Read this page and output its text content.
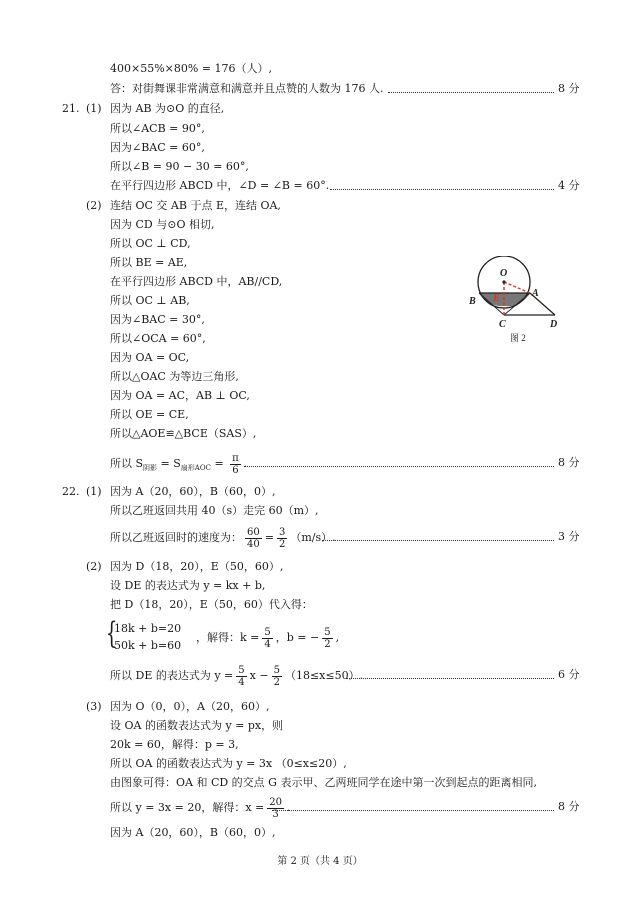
400×55%×80% = 176（人）,
答：对街舞课非常满意和满意并且点赞的人数为 176 人.	8 分
21. (1) 因为 AB 为⊙O 的直径,
所以∠ACB = 90°,
因为∠BAC = 60°,
所以∠B = 90 − 30 = 60°,
在平行四边形 ABCD 中，∠D = ∠B = 60°.	4 分
(2) 连结 OC 交 AB 于点 E，连结 OA,
因为 CD 与⊙O 相切,
所以 OC ⊥ CD,
所以 BE = AE,
在平行四边形 ABCD 中，AB//CD,
所以 OC ⊥ AB,
因为∠BAC = 30°,
所以∠OCA = 60°,
因为 OA = OC,
所以△OAC 为等边三角形,
因为 OA = AC，AB ⊥ OC,
所以 OE = CE,
所以△AOE≌△BCE（SAS）,
所以 $S_{阴影} = S_{扇形AOC} = \frac{\pi}{6}$ .	8 分
O
E	A
B
C	D
图 2
22. (1) 因为 A（20，60），B（60，0）,
所以乙班返回共用 40（s）走完 60（m）,
所以乙班返回时的速度为： $\frac{60}{40} = \frac{3}{2} (m/s)$.	3 分
(2) 因为 D（18，20），E（50，60）,
设 DE 的表达式为 y = kx + b,
把 D（18，20），E（50，60）代入得：
{
18k + b=20
50k + b=60
，解得：$k = \frac{5}{4}$ ，b = − $\frac{5}{2}$ ,
所以 DE 的表达式为 $y = \frac{5}{4}$ $x - \frac{5}{2} (18\le x\le 50)$.	6 分
(3) 因为 O（0，0），A（20，60）,
设 OA 的函数表达式为 y = px，则
20k = 60，解得：p = 3,
所以 OA 的函数表达式为 y = 3x （0≤x≤20）,
由图象可得：OA 和 CD 的交点 G 表示甲、乙两班同学在途中第一次到起点的距离相同,
所以 y = 3x = 20，解得：$x = \frac{20}{3}$ .	8 分
因为 A（20，60），B（60，0）,
第 2 页（共 4 页）
